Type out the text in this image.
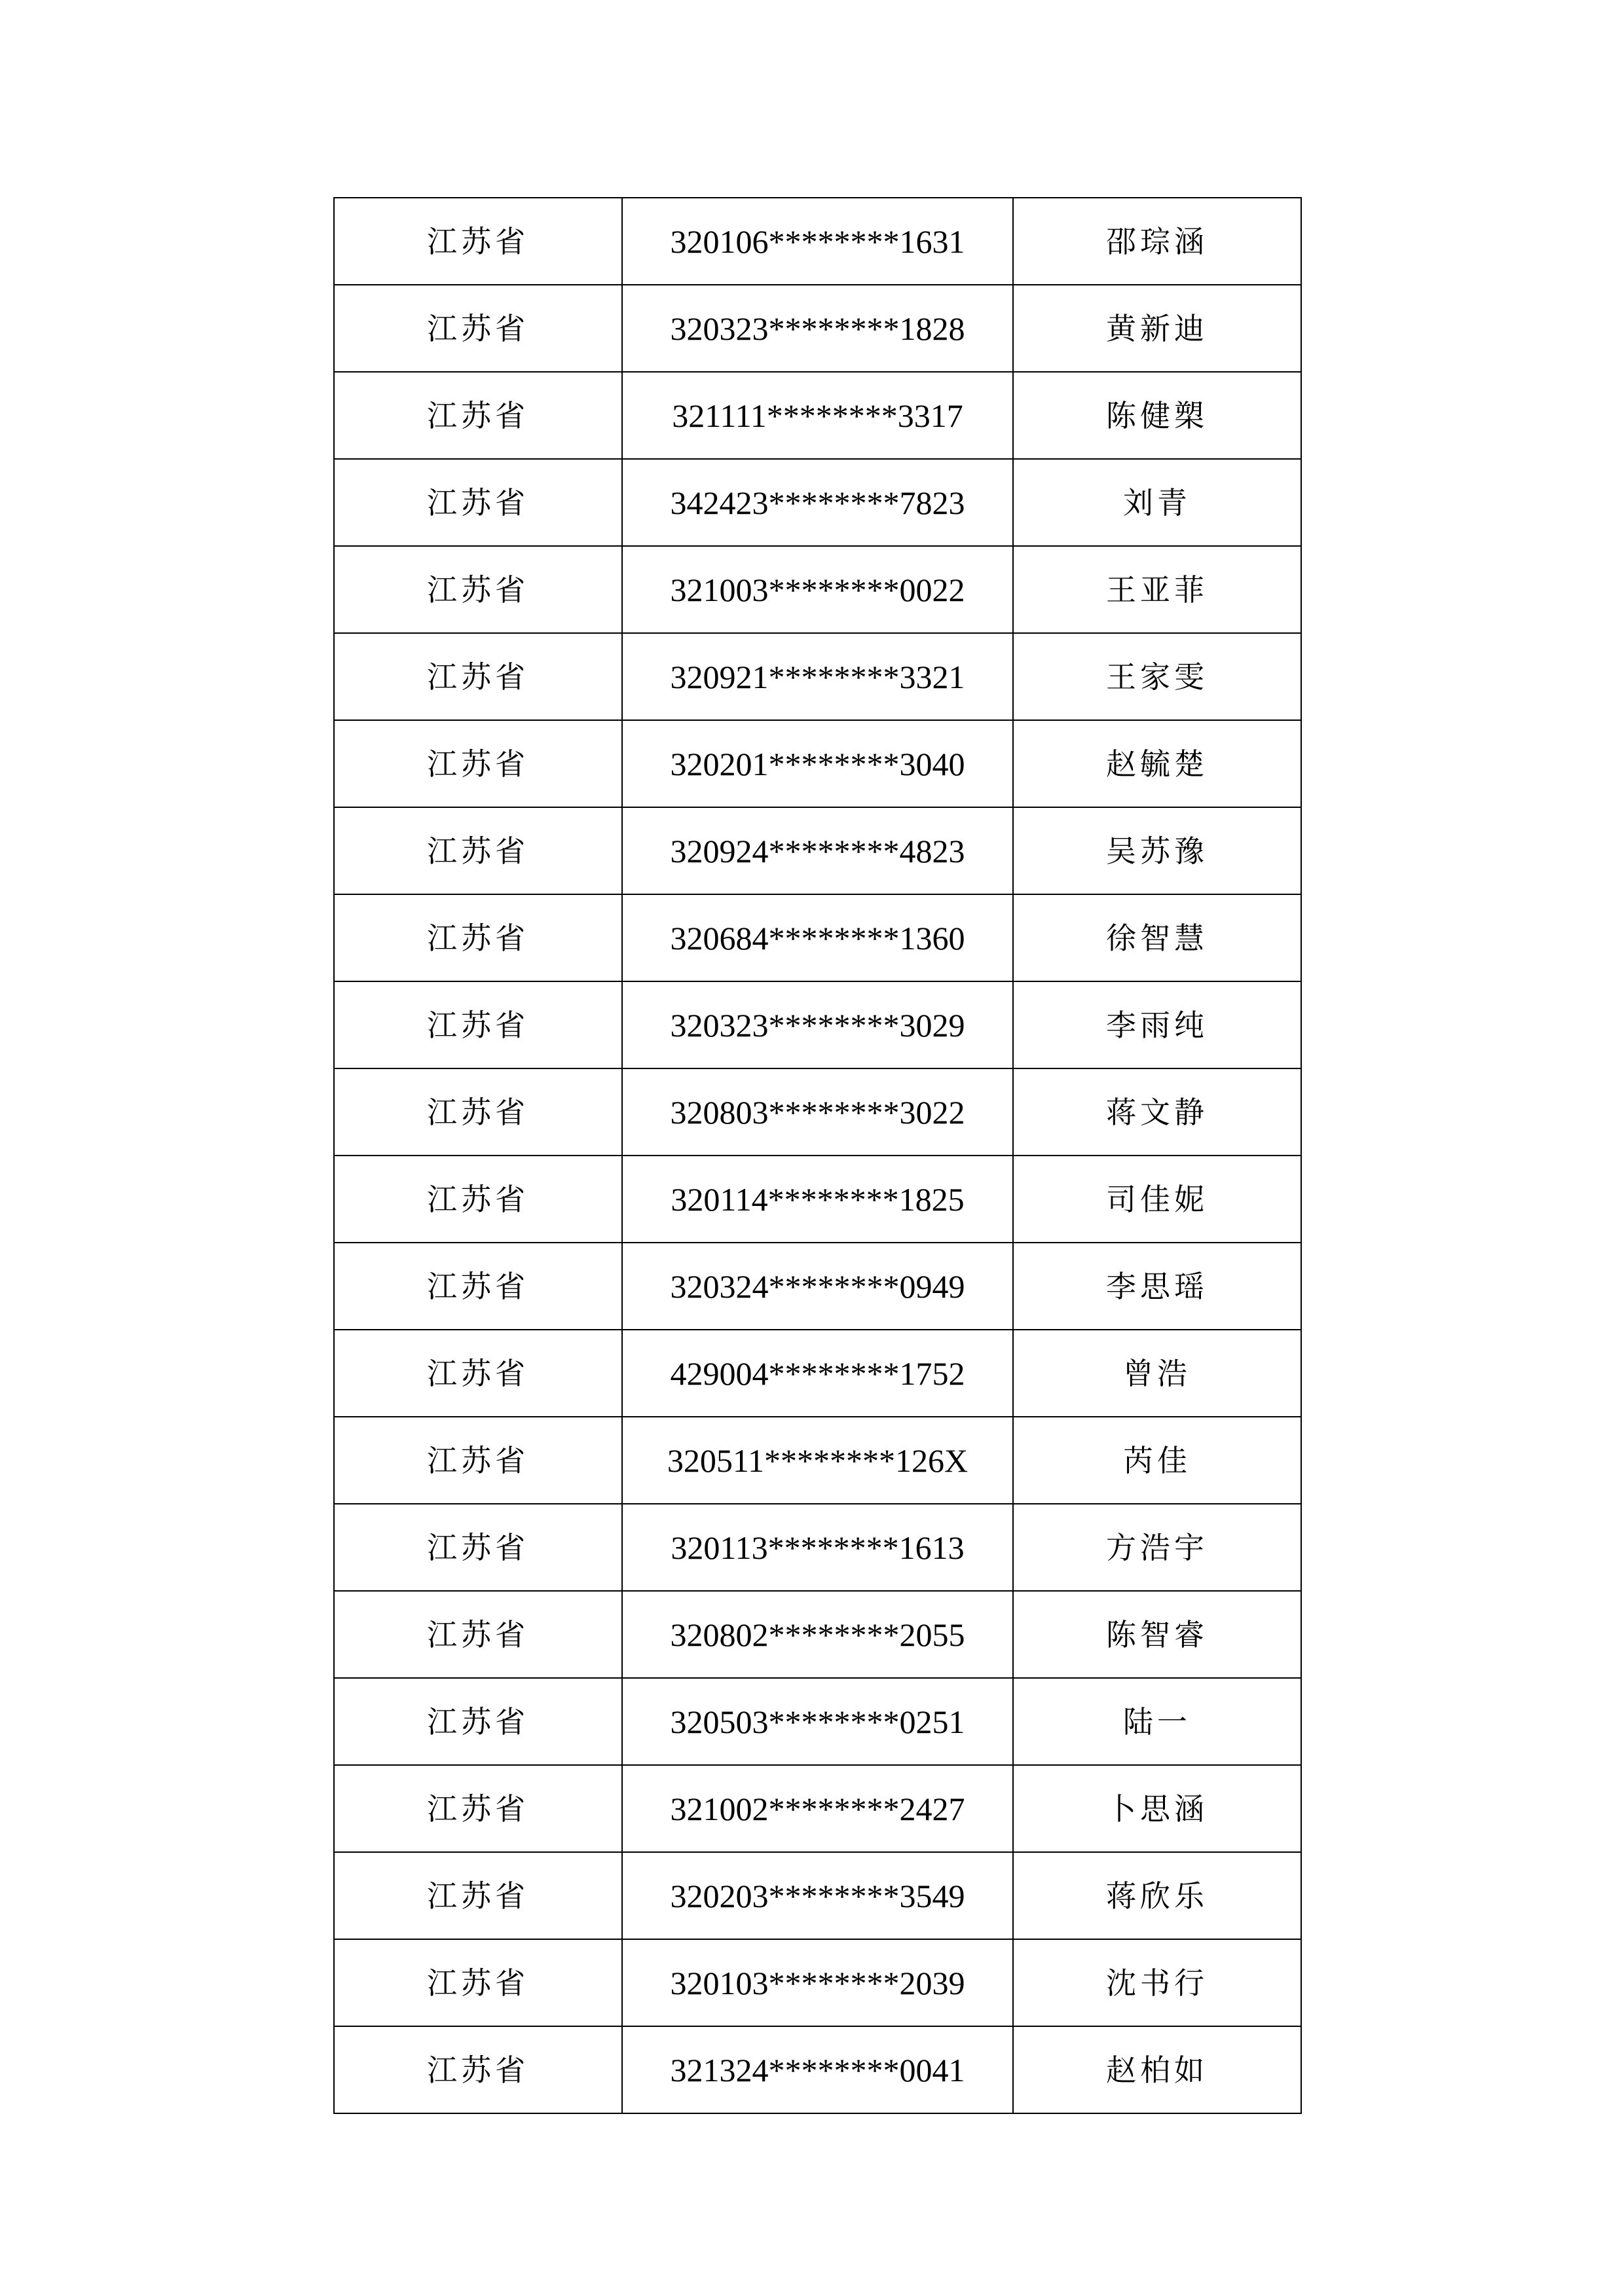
江苏省	320106********1631	邵琮涵
江苏省	320323********1828	黄新迪
江苏省	321111********3317	陈健槊
江苏省	342423********7823	刘青
江苏省	321003********0022	王亚菲
江苏省	320921********3321	王家雯
江苏省	320201********3040	赵毓楚
江苏省	320924********4823	吴苏豫
江苏省	320684********1360	徐智慧
江苏省	320323********3029	李雨纯
江苏省	320803********3022	蒋文静
江苏省	320114********1825	司佳妮
江苏省	320324********0949	李思瑶
江苏省	429004********1752	曾浩
江苏省	320511********126X	芮佳
江苏省	320113********1613	方浩宇
江苏省	320802********2055	陈智睿
江苏省	320503********0251	陆一
江苏省	321002********2427	卜思涵
江苏省	320203********3549	蒋欣乐
江苏省	320103********2039	沈书行
江苏省	321324********0041	赵柏如
